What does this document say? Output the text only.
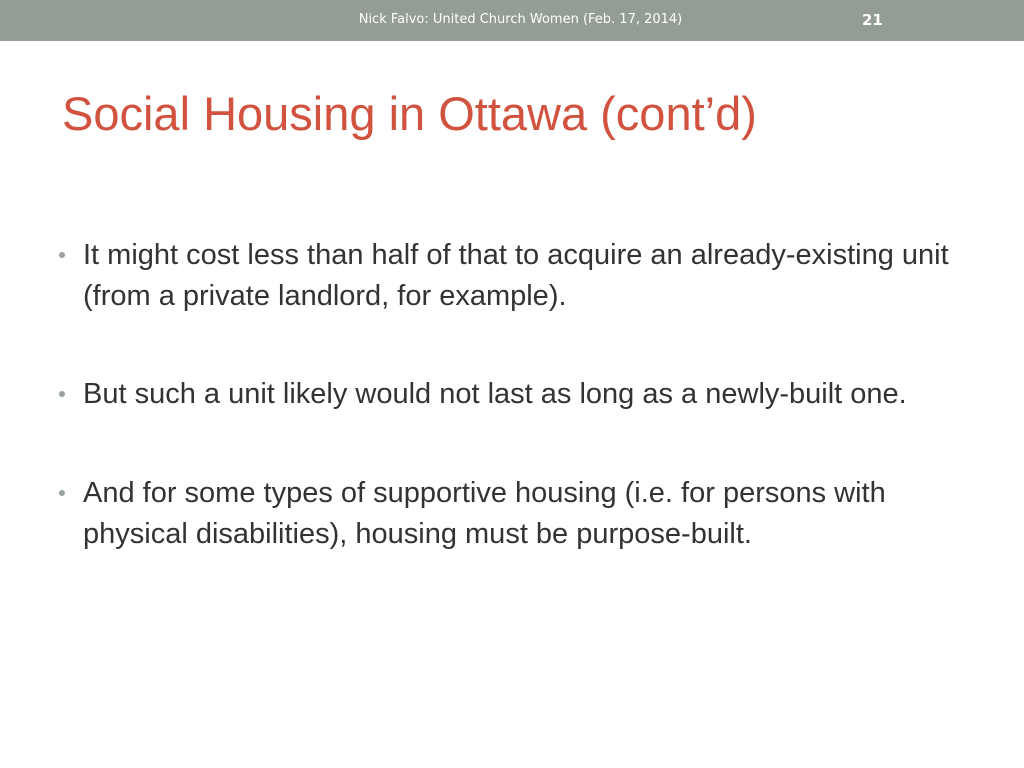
Nick Falvo: United Church Women (Feb. 17, 2014)	21
Social Housing in Ottawa (cont’d)
It might cost less than half of that to acquire an already-existing unit (from a private landlord, for example).
But such a unit likely would not last as long as a newly-built one.
And for some types of supportive housing (i.e. for persons with physical disabilities), housing must be purpose-built.
